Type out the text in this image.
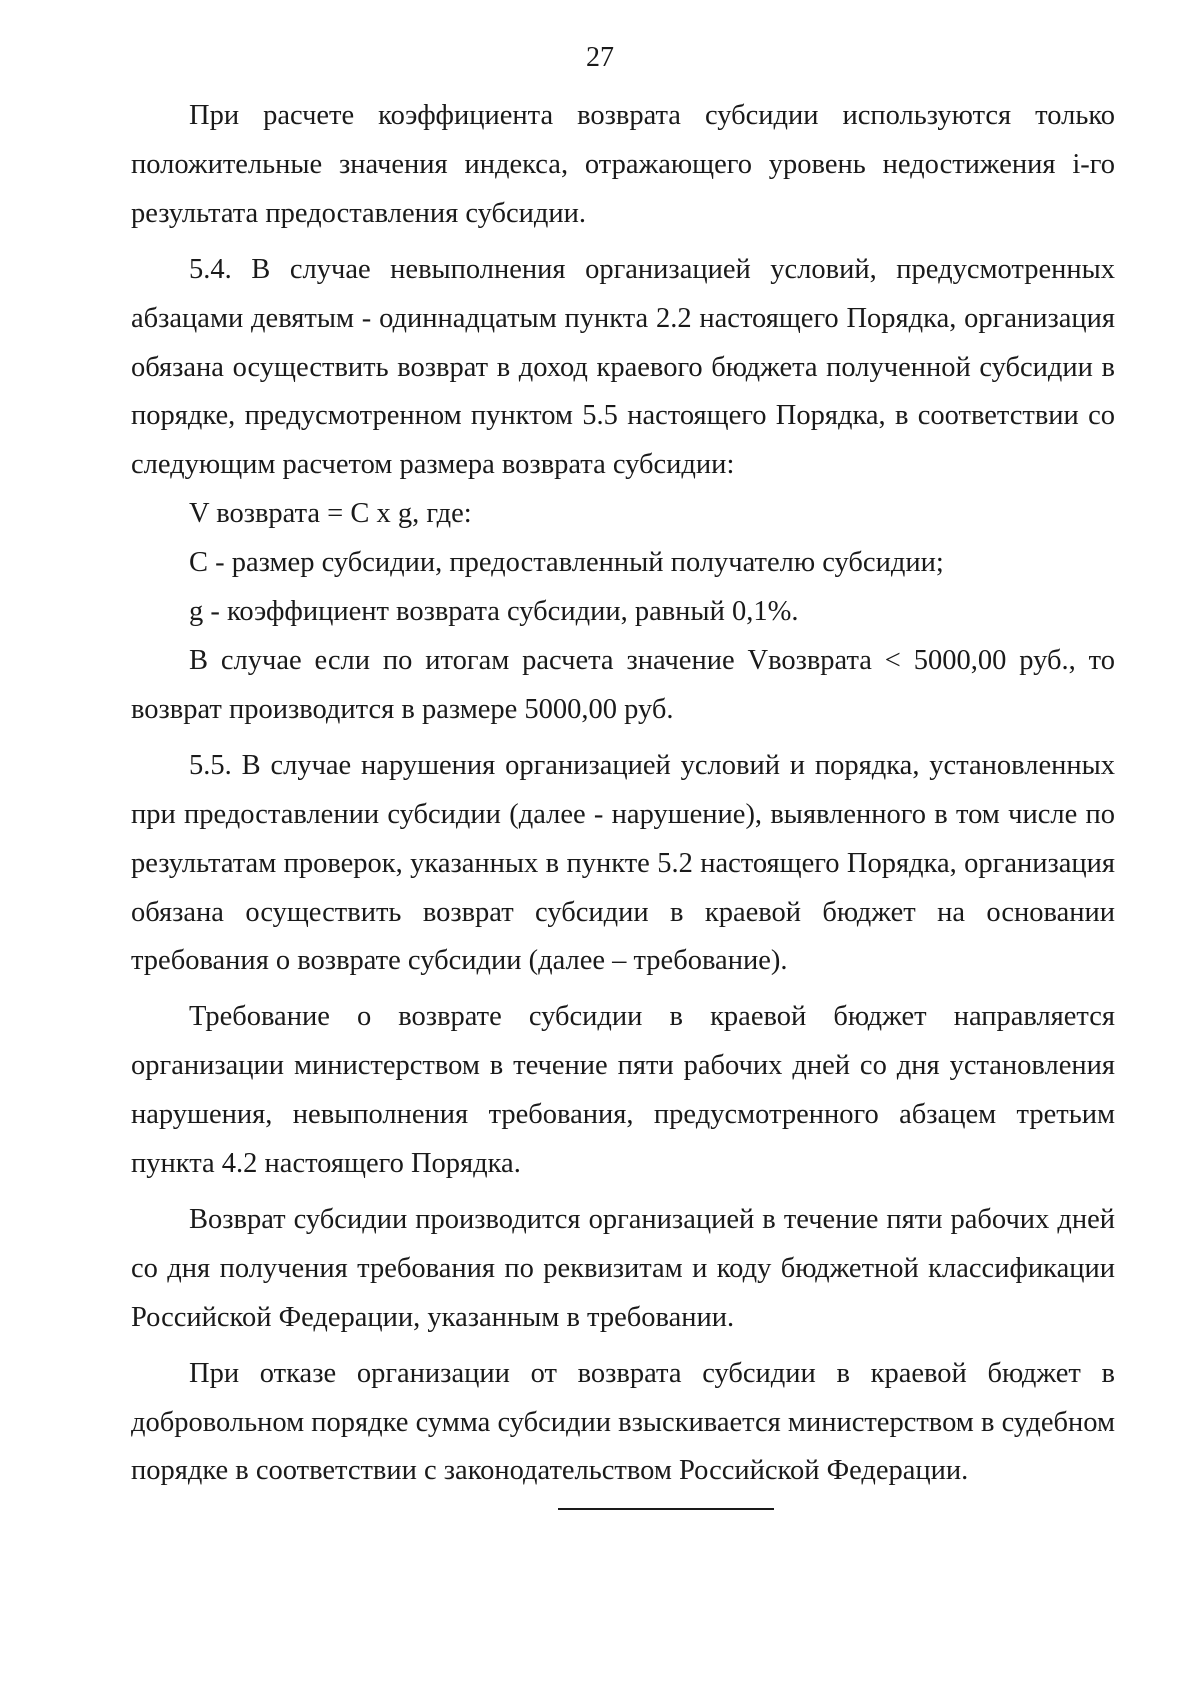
27

При расчете коэффициента возврата субсидии используются только положительные значения индекса, отражающего уровень недостижения i-го результата предоставления субсидии.

5.4. В случае невыполнения организацией условий, предусмотренных абзацами девятым - одиннадцатым пункта 2.2 настоящего Порядка, организация обязана осуществить возврат в доход краевого бюджета полученной субсидии в порядке, предусмотренном пунктом 5.5 настоящего Порядка, в соответствии со следующим расчетом размера возврата субсидии:

V возврата = C x g, где:

C - размер субсидии, предоставленный получателю субсидии;

g - коэффициент возврата субсидии, равный 0,1%.

В случае если по итогам расчета значение Vвозврата < 5000,00 руб., то возврат производится в размере 5000,00 руб.

5.5. В случае нарушения организацией условий и порядка, установленных при предоставлении субсидии (далее - нарушение), выявленного в том числе по результатам проверок, указанных в пункте 5.2 настоящего Порядка, организация обязана осуществить возврат субсидии в краевой бюджет на основании требования о возврате субсидии (далее – требование).

Требование о возврате субсидии в краевой бюджет направляется организации министерством в течение пяти рабочих дней со дня установления нарушения, невыполнения требования, предусмотренного абзацем третьим пункта 4.2 настоящего Порядка.

Возврат субсидии производится организацией в течение пяти рабочих дней со дня получения требования по реквизитам и коду бюджетной классификации Российской Федерации, указанным в требовании.

При отказе организации от возврата субсидии в краевой бюджет в добровольном порядке сумма субсидии взыскивается министерством в судебном порядке в соответствии с законодательством Российской Федерации.
